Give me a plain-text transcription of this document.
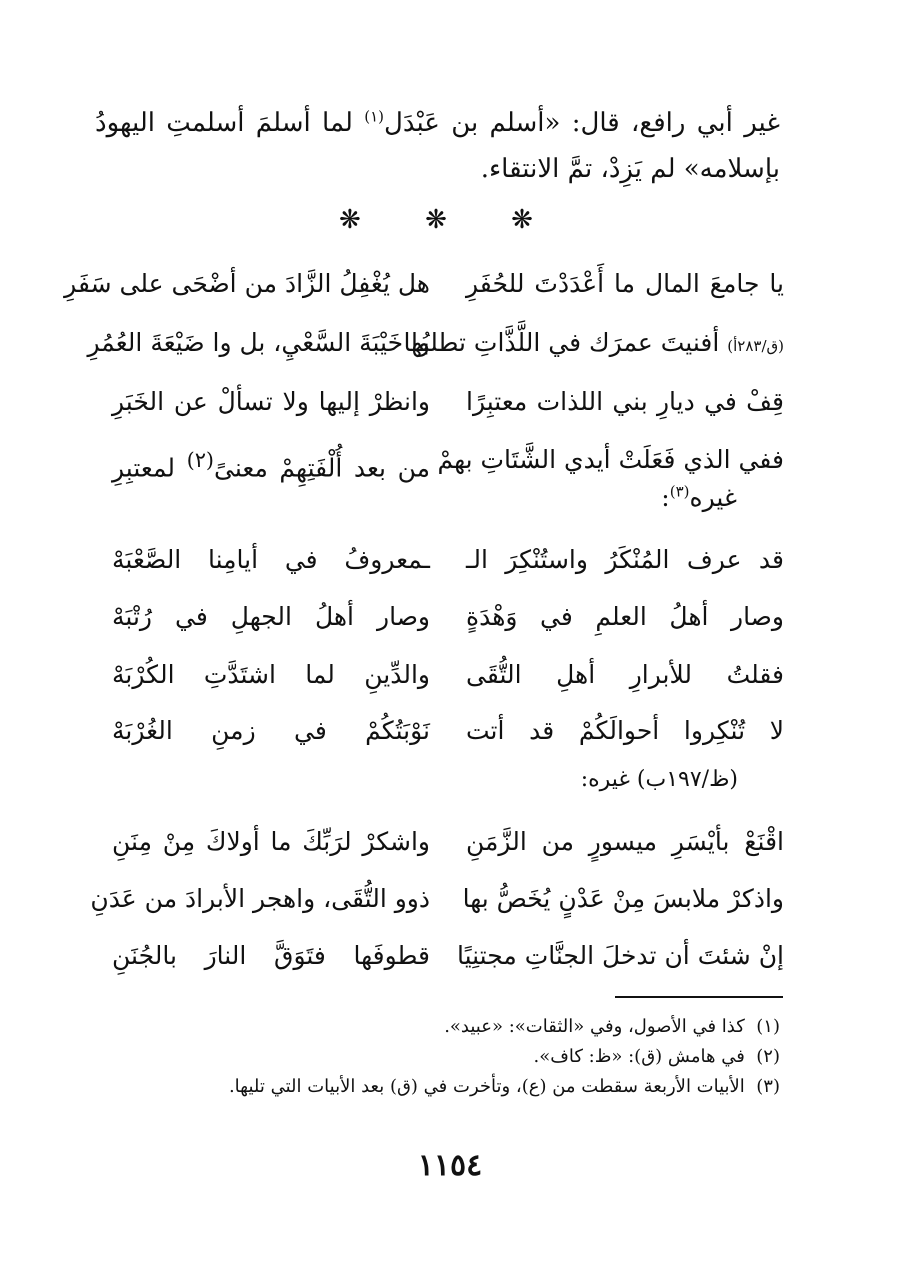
غير أبي رافع، قال: «أسلم بن عَبْدَل$^{(١)}$ لما أسلمَ أسلمتِ اليهودُ بإسلامه» لم يَزِدْ، تمَّ الانتقاء.
❋ ❋ ❋
يا جامعَ المال ما أَعْدَدْتَ للحُفَرِ
هل يُغْفِلُ الزَّادَ من أضْحَى على سَفَرِ
(ق/٢٨٣أ) أفنيتَ عمرَك في اللَّذَّاتِ تطلبُها
وا خَيْبَةَ السَّعْيِ، بل وا ضَيْعَةَ العُمُرِ
قِفْ في ديارِ بني اللذات معتبِرًا
وانظرْ إليها ولا تسألْ عن الخَبَرِ
ففي الذي فَعَلَتْ أيدي الشَّتَاتِ بهمْ
من بعد أُلْفَتِهِمْ معنىً$^{(٢)}$ لمعتبِرِ
غيره$^{(٣)}$:
قد عرف المُنْكَرُ واستُنْكِرَ الـ
ـمعروفُ في أيامِنا الصَّعْبَهْ
وصار أهلُ العلمِ في وَهْدَةٍ
وصار أهلُ الجهلِ في رُتْبَهْ
فقلتُ للأبرارِ أهلِ التُّقَى
والدِّينِ لما اشتَدَّتِ الكُرْبَهْ
لا تُنْكِروا أحوالَكُمْ قد أتت
نَوْبَتُكُمْ في زمنِ الغُرْبَهْ
(ظ/١٩٧ب) غيره:
اقْنَعْ بأيْسَرِ ميسورٍ من الزَّمَنِ
واشكرْ لرَبِّكَ ما أولاكَ مِنْ مِنَنِ
واذكرْ ملابسَ مِنْ عَدْنٍ يُخَصُّ بها
ذوو التُّقَى، واهجر الأبرادَ من عَدَنِ
إنْ شئتَ أن تدخلَ الجنَّاتِ مجتنِيًا
قطوفَها فتَوَقَّ النارَ بالجُنَنِ
(١)  كذا في الأصول، وفي «الثقات»: «عبيد».
(٢)  في هامش (ق): «ظ: كاف».
(٣)  الأبيات الأربعة سقطت من (ع)، وتأخرت في (ق) بعد الأبيات التي تليها.
١١٥٤
